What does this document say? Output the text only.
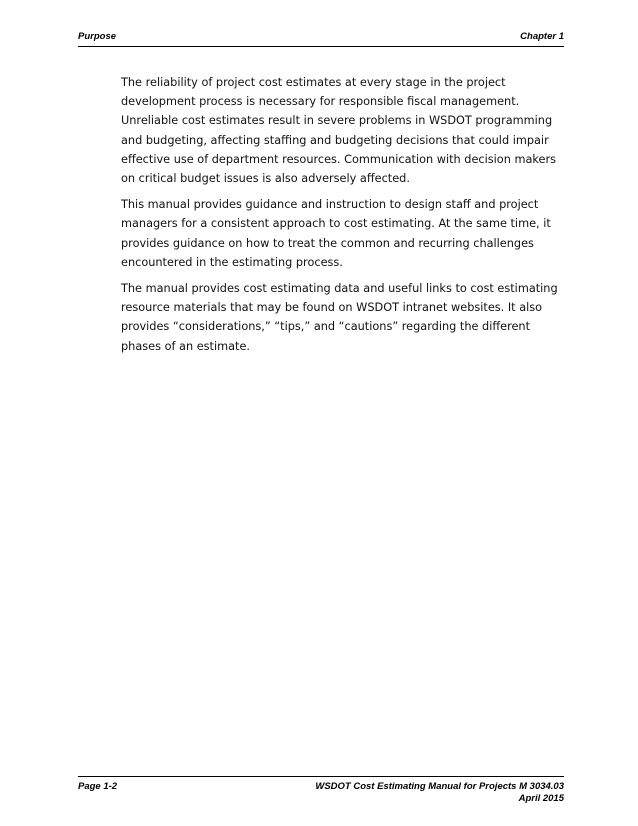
Purpose	Chapter 1

The reliability of project cost estimates at every stage in the project development process is necessary for responsible fiscal management. Unreliable cost estimates result in severe problems in WSDOT programming and budgeting, affecting staffing and budgeting decisions that could impair effective use of department resources. Communication with decision makers on critical budget issues is also adversely affected.

This manual provides guidance and instruction to design staff and project managers for a consistent approach to cost estimating. At the same time, it provides guidance on how to treat the common and recurring challenges encountered in the estimating process.

The manual provides cost estimating data and useful links to cost estimating resource materials that may be found on WSDOT intranet websites. It also provides “considerations,” “tips,” and “cautions” regarding the different phases of an estimate.

Page 1-2	WSDOT Cost Estimating Manual for Projects M 3034.03
April 2015
